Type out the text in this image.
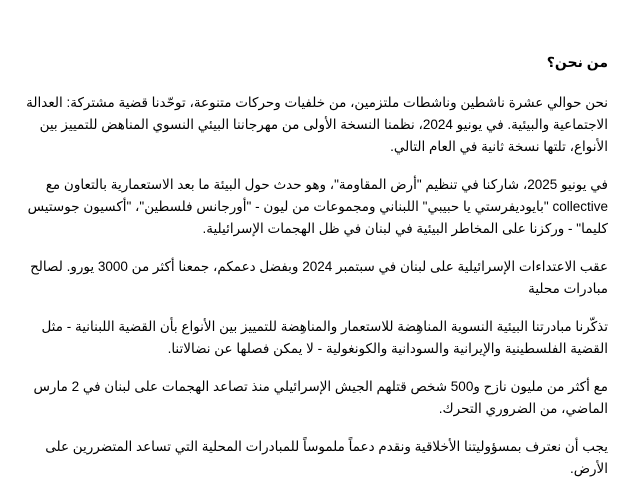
من نحن؟

نحن حوالي عشرة ناشطين وناشطات ملتزمين، من خلفيات وحركات متنوعة، توحّدنا قضية مشتركة: العدالة الاجتماعية والبيئية. في يونيو 2024، نظمنا النسخة الأولى من مهرجاننا البيئي النسوي المناهض للتمييز بين الأنواع، تلتها نسخة ثانية في العام التالي.

في يونيو 2025، شاركنا في تنظيم "أرض المقاومة"، وهو حدث حول البيئة ما بعد الاستعمارية بالتعاون مع collective "بايوديفرستي يا حبيبي" اللبناني ومجموعات من ليون - "أورجانس فلسطين"، "أكسيون جوستيس كليما" - وركزنا على المخاطر البيئية في لبنان في ظل الهجمات الإسرائيلية.

عقب الاعتداءات الإسرائيلية على لبنان في سبتمبر 2024 وبفضل دعمكم، جمعنا أكثر من 3000 يورو. لصالح مبادرات محلية

تذكّرنا مبادرتنا البيئية النسوية المناهِضة للاستعمار والمناهِضة للتمييز بين الأنواع بأن القضية اللبنانية - مثل القضية الفلسطينية والإيرانية والسودانية والكونغولية - لا يمكن فصلها عن نضالاتنا.

مع أكثر من مليون نازح و500 شخص قتلهم الجيش الإسرائيلي منذ تصاعد الهجمات على لبنان في 2 مارس الماضي، من الضروري التحرك.

يجب أن نعترف بمسؤوليتنا الأخلاقية ونقدم دعماً ملموساً للمبادرات المحلية التي تساعد المتضررين على الأرض.
